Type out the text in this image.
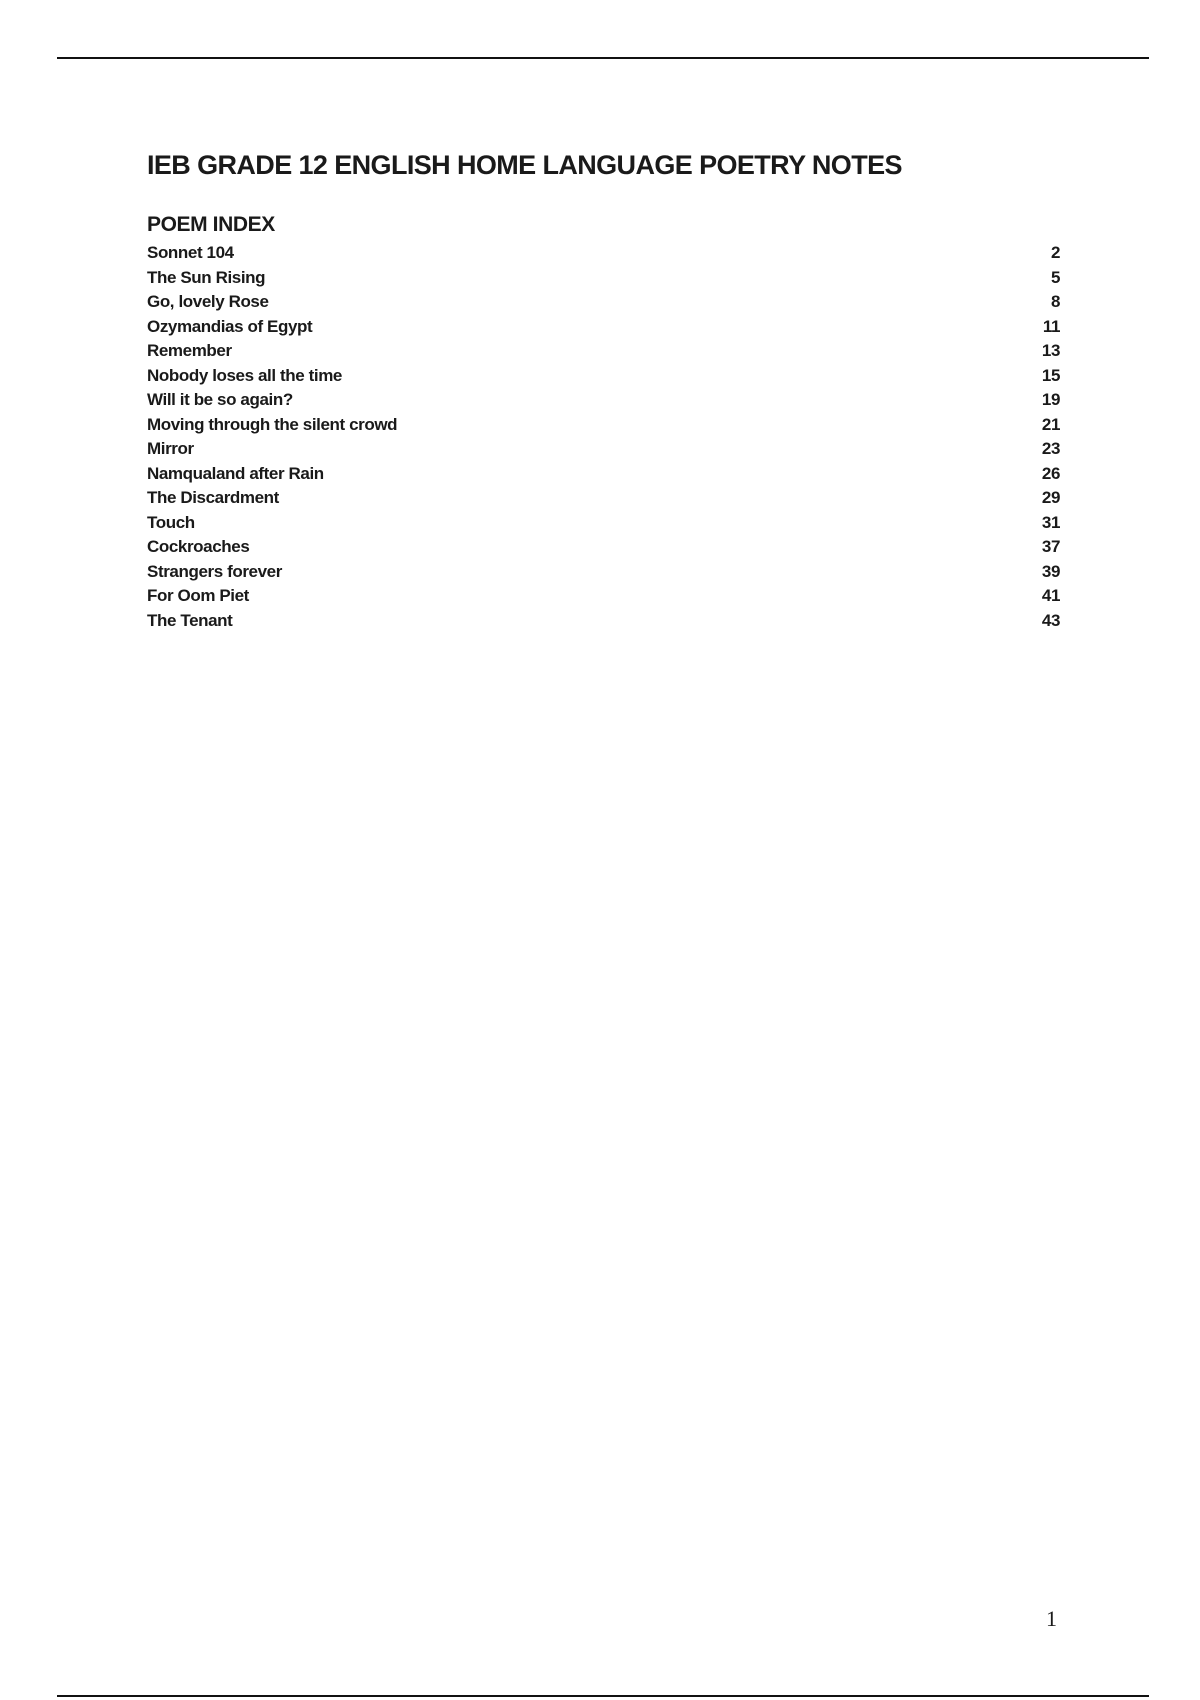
IEB GRADE 12 ENGLISH HOME LANGUAGE POETRY NOTES
POEM INDEX
Sonnet 104	2
The Sun Rising	5
Go, lovely Rose	8
Ozymandias of Egypt	11
Remember	13
Nobody loses all the time	15
Will it be so again?	19
Moving through the silent crowd	21
Mirror	23
Namqualand after Rain	26
The Discardment	29
Touch	31
Cockroaches	37
Strangers forever	39
For Oom Piet	41
The Tenant	43
1
